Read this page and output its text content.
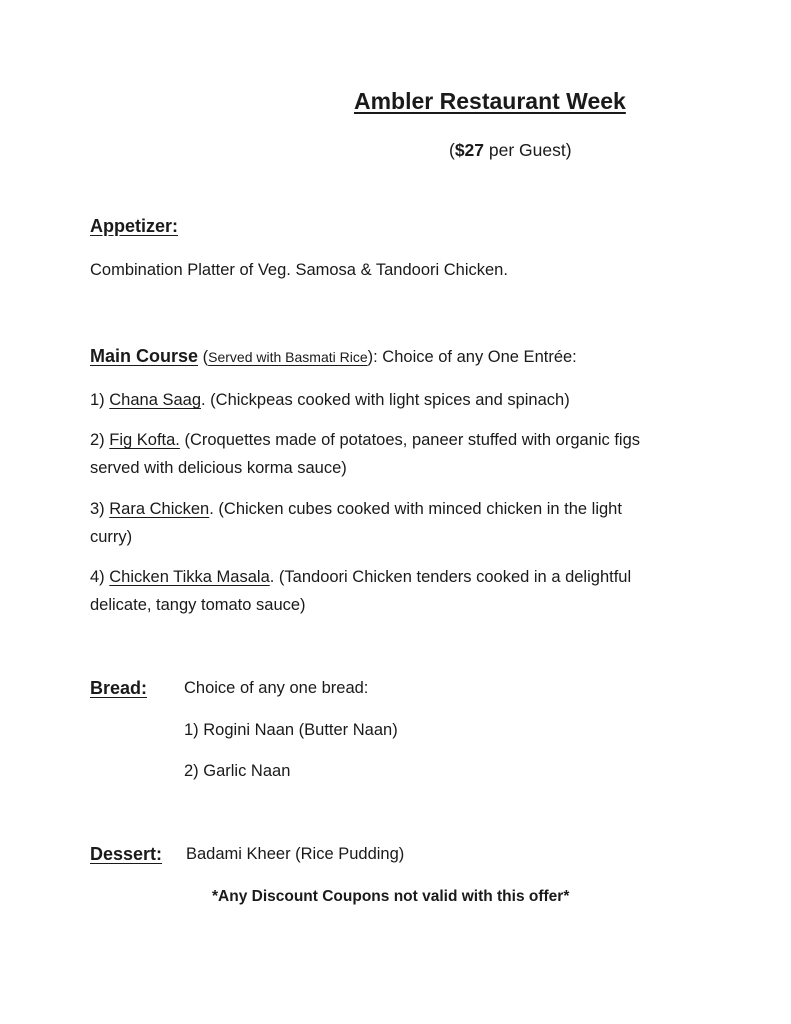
Ambler Restaurant Week
($27 per Guest)
Appetizer:
Combination Platter of Veg. Samosa & Tandoori Chicken.
Main Course (Served with Basmati Rice): Choice of any One Entrée:
1) Chana Saag. (Chickpeas cooked with light spices and spinach)
2) Fig Kofta. (Croquettes made of potatoes, paneer stuffed with organic figs
served with delicious korma sauce)
3) Rara Chicken. (Chicken cubes cooked with minced chicken in the light
curry)
4) Chicken Tikka Masala. (Tandoori Chicken tenders cooked in a delightful
delicate, tangy tomato sauce)
Bread: Choice of any one bread:
1) Rogini Naan (Butter Naan)
2) Garlic Naan
Dessert: Badami Kheer (Rice Pudding)
*Any Discount Coupons not valid with this offer*
